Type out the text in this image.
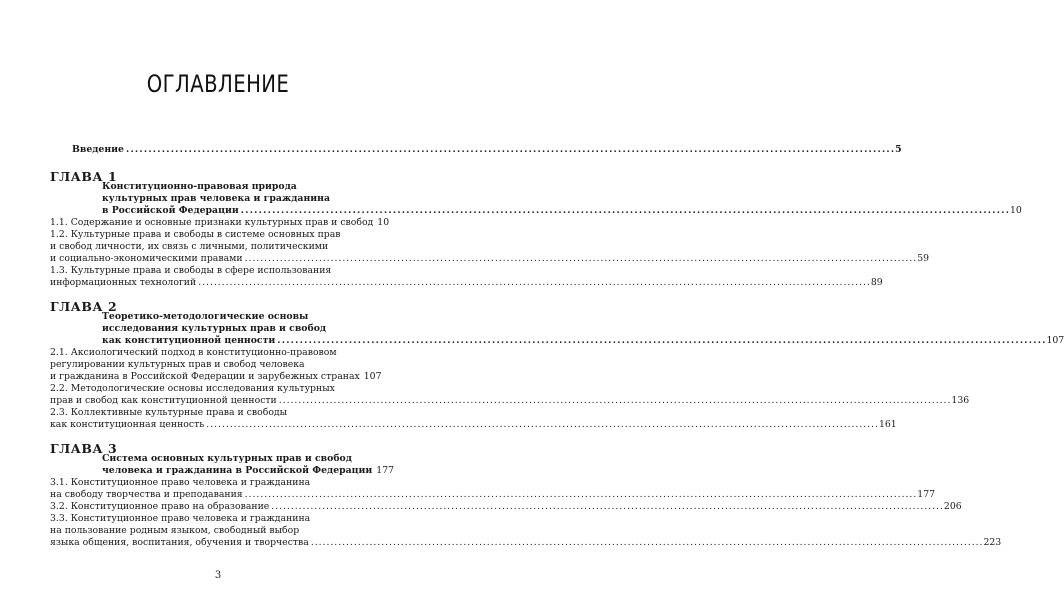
ОГЛАВЛЕНИЕ
Введение . . .	5
ГЛАВА 1
Конституционно-правовая природа
культурных прав человека и гражданина
в Российской Федерации . . .	10
1.1. Содержание и основные признаки культурных прав и свобод 10
1.2. Культурные права и свободы в системе основных прав
и свобод личности, их связь с личными, политическими
и социально-экономическими правами . . .	59
1.3. Культурные права и свободы в сфере использования
информационных технологий . . .	89
ГЛАВА 2
Теоретико-методологические основы
исследования культурных прав и свобод
как конституционной ценности . . .	107
2.1. Аксиологический подход в конституционно-правовом
регулировании культурных прав и свобод человека
и гражданина в Российской Федерации и зарубежных странах 107
2.2. Методологические основы исследования культурных
прав и свобод как конституционной ценности . . .	136
2.3. Коллективные культурные права и свободы
как конституционная ценность . . .	161
ГЛАВА 3
Система основных культурных прав и свобод
человека и гражданина в Российской Федерации 177
3.1. Конституционное право человека и гражданина
на свободу творчества и преподавания . . .	177
3.2. Конституционное право на образование . . .	206
3.3. Конституционное право человека и гражданина
на пользование родным языком, свободный выбор
языка общения, воспитания, обучения и творчества . . .	223
3
